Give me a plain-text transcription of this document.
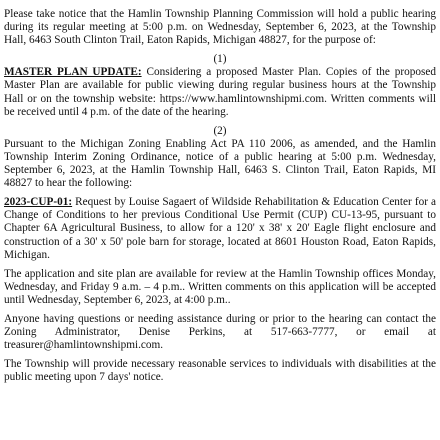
Please take notice that the Hamlin Township Planning Commission will hold a public hearing during its regular meeting at 5:00 p.m. on Wednesday, September 6, 2023, at the Township Hall, 6463 South Clinton Trail, Eaton Rapids, Michigan 48827, for the purpose of:

(1)

MASTER PLAN UPDATE: Considering a proposed Master Plan. Copies of the proposed Master Plan are available for public viewing during regular business hours at the Township Hall or on the township website: https://www.hamlintownshipmi.com. Written comments will be received until 4 p.m. of the date of the hearing.

(2)

Pursuant to the Michigan Zoning Enabling Act PA 110 2006, as amended, and the Hamlin Township Interim Zoning Ordinance, notice of a public hearing at 5:00 p.m. Wednesday, September 6, 2023, at the Hamlin Township Hall, 6463 S. Clinton Trail, Eaton Rapids, MI 48827 to hear the following:

2023-CUP-01: Request by Louise Sagaert of Wildside Rehabilitation & Education Center for a Change of Conditions to her previous Conditional Use Permit (CUP) CU-13-95, pursuant to Chapter 6A Agricultural Business, to allow for a 120' x 38' x 20' Eagle flight enclosure and construction of a 30' x 50' pole barn for storage, located at 8601 Houston Road, Eaton Rapids, Michigan.

The application and site plan are available for review at the Hamlin Township offices Monday, Wednesday, and Friday 9 a.m. – 4 p.m.. Written comments on this application will be accepted until Wednesday, September 6, 2023, at 4:00 p.m..

Anyone having questions or needing assistance during or prior to the hearing can contact the Zoning Administrator, Denise Perkins, at 517-663-7777, or email at treasurer@hamlintownshipmi.com.

The Township will provide necessary reasonable services to individuals with disabilities at the public meeting upon 7 days' notice.
